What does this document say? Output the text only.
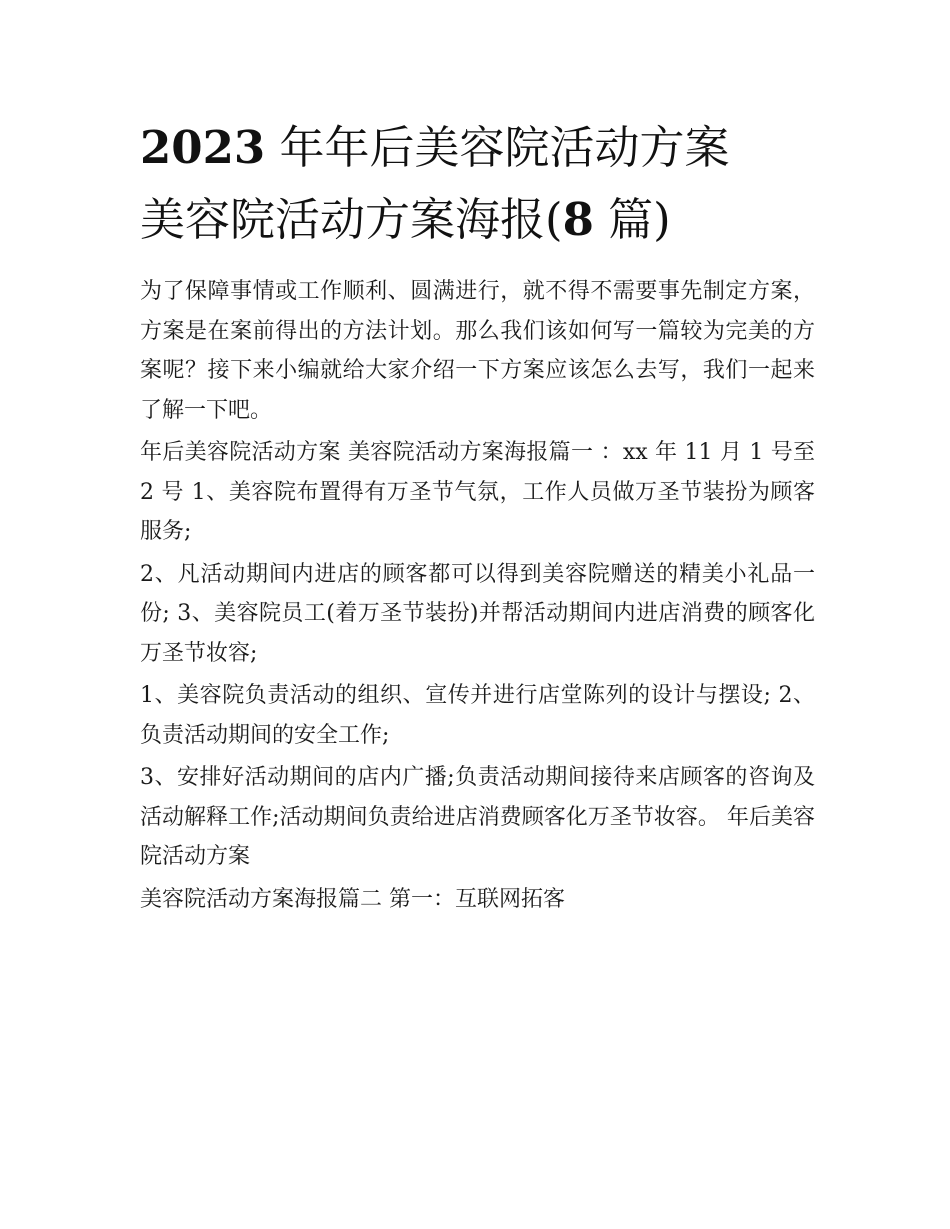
2023 年年后美容院活动方案
美容院活动方案海报(8 篇)

为了保障事情或工作顺利、圆满进行，就不得不需要事先制定方案，方案是在案前得出的方法计划。那么我们该如何写一篇较为完美的方案呢？接下来小编就给大家介绍一下方案应该怎么去写，我们一起来了解一下吧。

年后美容院活动方案 美容院活动方案海报篇一 ：xx 年 11 月 1 号至 2 号 1、美容院布置得有万圣节气氛，工作人员做万圣节装扮为顾客服务;

2、凡活动期间内进店的顾客都可以得到美容院赠送的精美小礼品一份; 3、美容院员工(着万圣节装扮)并帮活动期间内进店消费的顾客化万圣节妆容;

1、美容院负责活动的组织、宣传并进行店堂陈列的设计与摆设; 2、负责活动期间的安全工作;

3、安排好活动期间的店内广播;负责活动期间接待来店顾客的咨询及活动解释工作;活动期间负责给进店消费顾客化万圣节妆容。 年后美容院活动方案

美容院活动方案海报篇二 第一：互联网拓客
